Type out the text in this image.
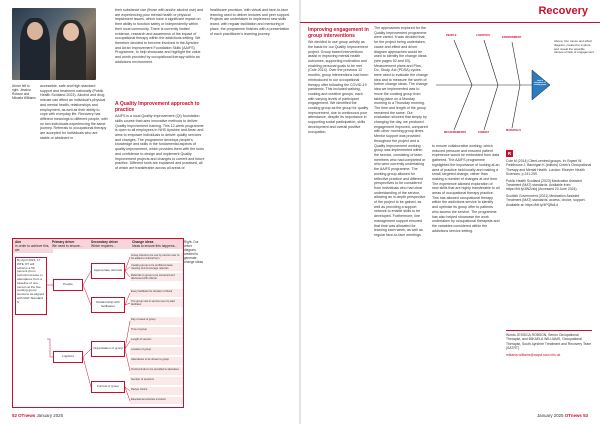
Above left to right: Jessica Robson and Mikaela Williams

accessible, safe and high standard support and treatment nationally (Public Health Scotland 2023). Alcohol and drug misuse can affect an individual's physical and mental health, relationships and employment, as well as their ability to cope with everyday life. Recovery has different meanings to different people, with no two individuals experiencing the same journey. Referrals to occupational therapy are accepted for individuals who are stable or abstinent in

their substance use (those with and/or alcohol use) and are experiencing poor mental health or physical impairment issues, which have a significant impact on their ability to function safely or independently within their local community. There is currently limited evidence, research and awareness of the impact of occupational therapy within the addictions setting. We therefore decided to become involved in the Ayrshire and Arran Improvement Foundation Skills (AAIFS) Programme, to help showcase and highlight the value and worth provided by occupational therapy within an addictions environment.

A Quality Improvement approach to practice

AAIFS is a local Quality Improvement (QI) foundation skills course that uses innovative methods to deliver Quality Improvement training. This 12-week programme is open to all employees in NHS Ayrshire and Arran and aims to empower individuals to deliver quality services and changes. The programme develops people's knowledge and skills in the fundamental aspects of quality improvement, which provides them with the tools and confidence to design and implement Quality Improvement projects and changes to current and future practice. Different tools are explained and practised, all of which are transferable across all areas of

healthcare provision, with virtual and face-to-face learning used to deliver lectures and peer support. Projects are undertaken to implement new skills learnt, with regular facilitation and mentoring in place, the programme finishes with a presentation of each practitioner's learning journey.

Aim
In order to achieve this, we:
Primary driver
We need to ensure...
Secondary driver
Which requires...
Change ideas
Ideas to ensure this happens...
By April 2024, 17 WTE OT will achieve a 50 percent (from period) increase in attendance from a baseline of one person at the five cooking group sessions as aligned with MAT Standard 6
People
Logistics
Appropriate referrals
Relationship with facilitators
Organisation of group
Format of group
Group criteria to be met by service user to be added to referral form
Cooking group to be profiled at team meeting and encourage referrals
Referrals to group to be screened and discussed with referrer
Every facilitator for duration of block
The group visit to service user by lead facilitator
Day of week of group
Time of group
Length of session
Location of group
Attendance to be shown to group
Text/reminder to be provided to attendees
Number of sessions
Recipe choice
Educational activities involved
Right: Our driver diagram, created to generate change ideas
52 OTnews January 2025
Recovery
Improving engagement in group interventions

We decided to use group activity as the basis for our Quality Improvement project. Group based interventions assist in improving mental health outcomes, supporting motivation and enabling personal goals to be met (Cole 2014). Over the previous 12 months, group interventions had been reintroduced to our occupational therapy offer following the COVID-19 pandemic. This included walking, cooking and creative groups, each with varying levels of participant engagement. We identified the cooking group as the group for quality improvement, due to continuous poor attendance, despite its importance in supporting social participation, skills development and overall positive occupation.

The approaches explored for the Quality Improvement programme were varied. It was decided that, for the project being undertaken, cause and effect and driver diagram approaches would be used to identify the change ideas (see pages 52 and 53). Measurement plans and Plan, Do, Study, Act (PDSA) cycles were used to evaluate the change idea and to measure the worth of further change ideas. The change idea we implemented was to move the cooking group from taking place on a Monday morning to a Thursday morning. The time and length of the group remained the same. Our evaluation showed that simply by changing the day, we produced engagement improved, compared with other morning group times. Mentor support was provided throughout the project and a Quality Improvement working group was implemented within the service, consisting of team members who had completed or who were currently undertaking the AAIFS programme. The working group allowed for reflective practice and different perspectives to be considered from individuals who had clear understanding of the service, allowing an in-depth perspective of the project to be gained, as well as providing a support network to enable skills to be developed. Furthermore, line management support ensured that time was allocated for learning each week, as well as regular face-to-face meetings

to ensure collaborative working, which reduced pressure and ensured patient experience would be embedded from data gathered. The AAIFS programme highlighted the importance of looking at an area of practice held locally and making a small, targeted change, rather than making a number of changes at one time. The experience allowed exploration of new skills that are highly transferable to all areas of occupational therapy practice. This has allowed occupational therapy within the addictions service to identify and optimise its group offer to patients who access the service. The programme has also helped showcase the work undertaken by occupational therapists and the variables considered within the addictions service setting.

PEOPLE	LOGISTICS
ENVIRONMENT
MEASUREMENTS	FORMAT
MATERIALS
Lack of attendance of cooking group
Above: Our cause and effect diagram, created to explore and reveal the possible causes of lack of engagement
R

Cole M (2014) Client-centred groups. In: Bryant W, Fieldhouse J, Bannigan K (editors) Creek's Occupational Therapy and Mental Health. London: Elsevier Health Sciences. p 241-259.

Public Health Scotland (2023) Medication Assisted Treatment (MAT) standards. Available from: https://bit.ly/3W2zkbj (Accessed 20 June 2024).

Scottish Government (2021) Medication Assisted Treatment (MAT) standards: access, choice, support. Available at: https://bit.ly/4PQBdLd

Words JESSICA ROBSON, Senior Occupational Therapist, and MIKAELA WILLIAMS, Occupational Therapist, South Ayrshire Treatment and Recovery Team (SATRT)
mikaela.williams@aapct.scot.nhs.uk
January 2025 OTnews 53
